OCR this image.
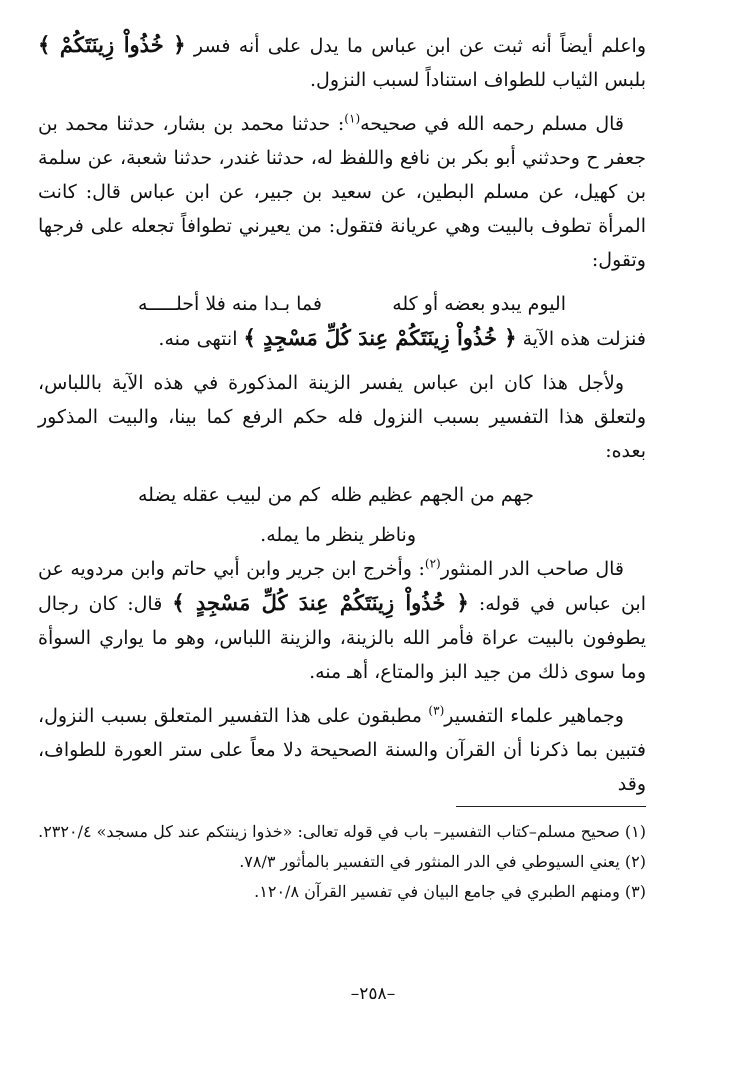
واعلم أيضاً أنه ثبت عن ابن عباس ما يدل على أنه فسر ﴿ خُذُواْ زِينَتَكُمْ ﴾ بلبس الثياب للطواف استناداً لسبب النزول.

قال مسلم رحمه الله في صحيحه$^{(١)}$: حدثنا محمد بن بشار، حدثنا محمد بن جعفر ح وحدثني أبو بكر بن نافع واللفظ له، حدثنا غندر، حدثنا شعبة، عن سلمة بن كهيل، عن مسلم البطين، عن سعيد بن جبير، عن ابن عباس قال: كانت المرأة تطوف بالبيت وهي عريانة فتقول: من يعيرني تطوافاً تجعله على فرجها وتقول:

اليوم يبدو بعضه أو كله
فما بـدا منه فلا أحلـــــه

فنزلت هذه الآية ﴿ خُذُواْ زِينَتَكُمْ عِندَ كُلِّ مَسْجِدٍ ﴾ انتهى منه.

ولأجل هذا كان ابن عباس يفسر الزينة المذكورة في هذه الآية باللباس، ولتعلق هذا التفسير بسبب النزول فله حكم الرفع كما بينا، والبيت المذكور بعده:

جهم من الجهم عظيم ظله
كم من لبيب عقله يضله
وناظر ينظر ما يمله.

قال صاحب الدر المنثور$^{(٢)}$: وأخرج ابن جرير وابن أبي حاتم وابن مردويه عن ابن عباس في قوله: ﴿ خُذُواْ زِينَتَكُمْ عِندَ كُلِّ مَسْجِدٍ ﴾ قال: كان رجال يطوفون بالبيت عراة فأمر الله بالزينة، والزينة اللباس، وهو ما يواري السوأة وما سوى ذلك من جيد البز والمتاع، أهـ منه.

وجماهير علماء التفسير$^{(٣)}$ مطبقون على هذا التفسير المتعلق بسبب النزول، فتبين بما ذكرنا أن القرآن والسنة الصحيحة دلا معاً على ستر العورة للطواف، وقد

(١) صحيح مسلم–كتاب التفسير– باب في قوله تعالى: «خذوا زينتكم عند كل مسجد» ٢٣٢٠/٤.

(٢) يعني السيوطي في الدر المنثور في التفسير بالمأثور ٧٨/٣.

(٣) ومنهم الطبري في جامع البيان في تفسير القرآن ١٢٠/٨.

–٢٥٨–
